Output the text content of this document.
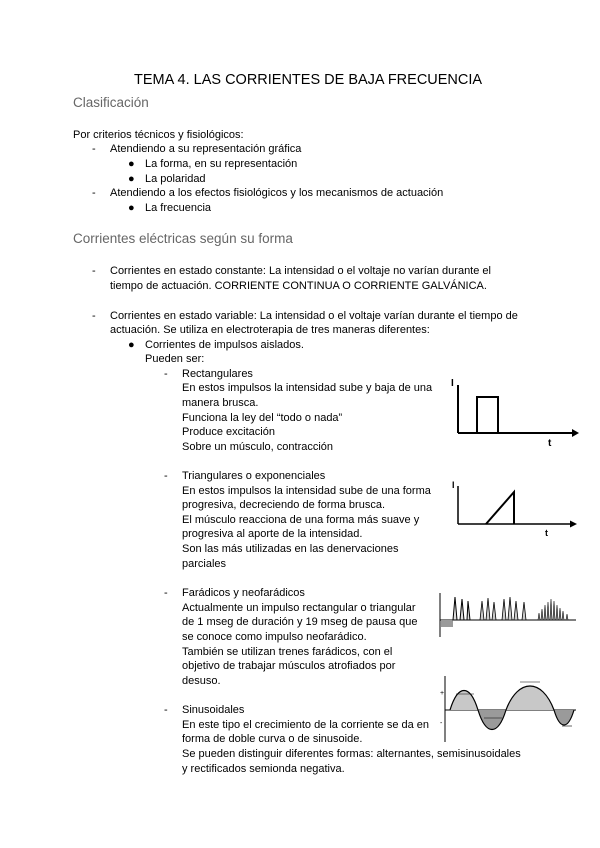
TEMA 4. LAS CORRIENTES DE BAJA FRECUENCIA
Clasificación
Por criterios técnicos y fisiológicos:
- Atendiendo a su representación gráfica
● La forma, en su representación
● La polaridad
- Atendiendo a los efectos fisiológicos y los mecanismos de actuación
● La frecuencia
Corrientes eléctricas según su forma
- Corrientes en estado constante: La intensidad o el voltaje no varían durante el
tiempo de actuación. CORRIENTE CONTINUA O CORRIENTE GALVÁNICA.
- Corrientes en estado variable: La intensidad o el voltaje varían durante el tiempo de
actuación. Se utiliza en electroterapia de tres maneras diferentes:
● Corrientes de impulsos aislados.
Pueden ser:
- Rectangulares
En estos impulsos la intensidad sube y baja de una
manera brusca.
Funciona la ley del “todo o nada”
Produce excitación
Sobre un músculo, contracción
- Triangulares o exponenciales
En estos impulsos la intensidad sube de una forma
progresiva, decreciendo de forma brusca.
El músculo reacciona de una forma más suave y
progresiva al aporte de la intensidad.
Son las más utilizadas en las denervaciones
parciales
- Farádicos y neofarádicos
Actualmente un impulso rectangular o triangular
de 1 mseg de duración y 19 mseg de pausa que
se conoce como impulso neofarádico.
También se utilizan trenes farádicos, con el
objetivo de trabajar músculos atrofiados por
desuso.
- Sinusoidales
En este tipo el crecimiento de la corriente se da en
forma de doble curva o de sinusoide.
Se pueden distinguir diferentes formas: alternantes, semisinusoidales
y rectificados semionda negativa.
I
t
I
t
+
-
